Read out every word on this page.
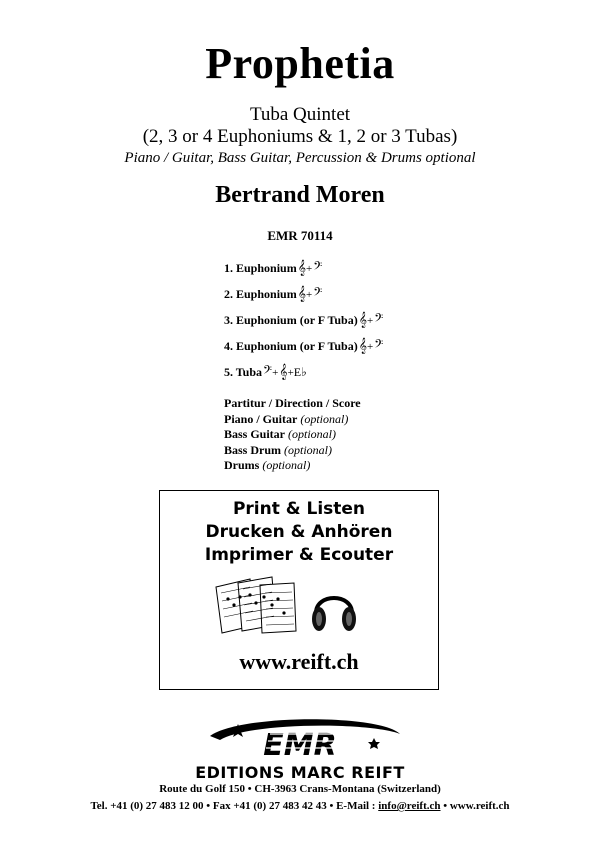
Prophetia
Tuba Quintet
(2, 3 or 4 Euphoniums & 1, 2 or 3 Tubas)
Piano / Guitar, Bass Guitar, Percussion & Drums optional
Bertrand Moren
EMR 70114
1. Euphonium𝄞+𝄢
2. Euphonium𝄞+𝄢
3. Euphonium (or F Tuba)𝄞+𝄢
4. Euphonium (or F Tuba)𝄞+𝄢
5. Tuba𝄢+𝄞+E♭
Partitur / Direction / Score
Piano / Guitar (optional)
Bass Guitar (optional)
Bass Drum (optional)
Drums (optional)
Print & Listen
Drucken & Anhören
Imprimer & Ecouter
www.reift.ch
EMR
EDITIONS MARC REIFT
Route du Golf 150 • CH-3963 Crans-Montana (Switzerland)
Tel. +41 (0) 27 483 12 00 • Fax +41 (0) 27 483 42 43 • E-Mail : info@reift.ch • www.reift.ch
